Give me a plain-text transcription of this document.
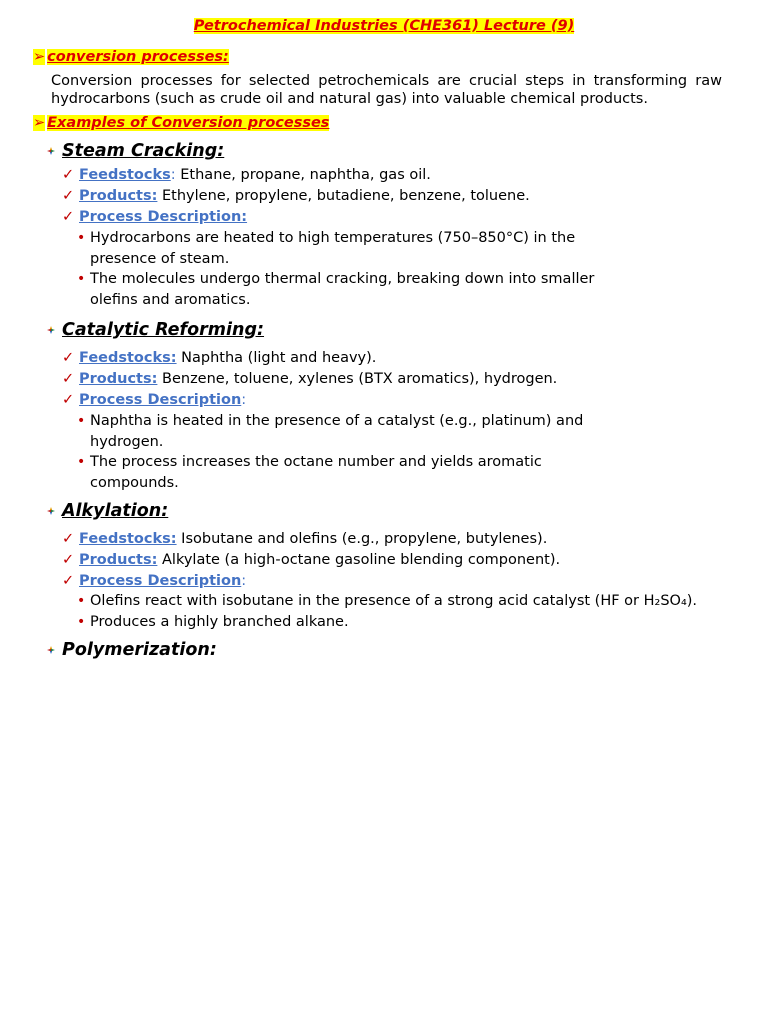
Petrochemical Industries (CHE361) Lecture (9)
➢ conversion processes:
Conversion processes for selected petrochemicals are crucial steps in transforming raw
hydrocarbons (such as crude oil and natural gas) into valuable chemical products.
➢ Examples of Conversion processes
Steam Cracking:
✓ Feedstocks: Ethane, propane, naphtha, gas oil.
✓ Products: Ethylene, propylene, butadiene, benzene, toluene.
✓ Process Description:
• Hydrocarbons are heated to high temperatures (750–850°C) in the
presence of steam.
• The molecules undergo thermal cracking, breaking down into smaller
olefins and aromatics.
Catalytic Reforming:
✓ Feedstocks: Naphtha (light and heavy).
✓ Products: Benzene, toluene, xylenes (BTX aromatics), hydrogen.
✓ Process Description:
• Naphtha is heated in the presence of a catalyst (e.g., platinum) and
hydrogen.
• The process increases the octane number and yields aromatic
compounds.
Alkylation:
✓ Feedstocks: Isobutane and olefins (e.g., propylene, butylenes).
✓ Products: Alkylate (a high-octane gasoline blending component).
✓ Process Description:
• Olefins react with isobutane in the presence of a strong acid catalyst (HF or H₂SO₄).
• Produces a highly branched alkane.
Polymerization:
